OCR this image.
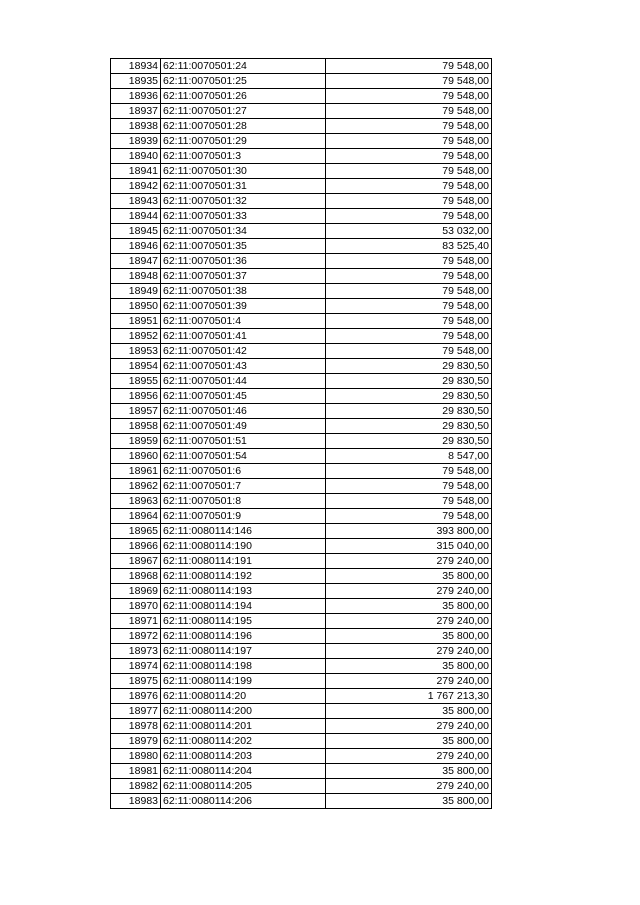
18934	62:11:0070501:24	79 548,00
18935	62:11:0070501:25	79 548,00
18936	62:11:0070501:26	79 548,00
18937	62:11:0070501:27	79 548,00
18938	62:11:0070501:28	79 548,00
18939	62:11:0070501:29	79 548,00
18940	62:11:0070501:3	79 548,00
18941	62:11:0070501:30	79 548,00
18942	62:11:0070501:31	79 548,00
18943	62:11:0070501:32	79 548,00
18944	62:11:0070501:33	79 548,00
18945	62:11:0070501:34	53 032,00
18946	62:11:0070501:35	83 525,40
18947	62:11:0070501:36	79 548,00
18948	62:11:0070501:37	79 548,00
18949	62:11:0070501:38	79 548,00
18950	62:11:0070501:39	79 548,00
18951	62:11:0070501:4	79 548,00
18952	62:11:0070501:41	79 548,00
18953	62:11:0070501:42	79 548,00
18954	62:11:0070501:43	29 830,50
18955	62:11:0070501:44	29 830,50
18956	62:11:0070501:45	29 830,50
18957	62:11:0070501:46	29 830,50
18958	62:11:0070501:49	29 830,50
18959	62:11:0070501:51	29 830,50
18960	62:11:0070501:54	8 547,00
18961	62:11:0070501:6	79 548,00
18962	62:11:0070501:7	79 548,00
18963	62:11:0070501:8	79 548,00
18964	62:11:0070501:9	79 548,00
18965	62:11:0080114:146	393 800,00
18966	62:11:0080114:190	315 040,00
18967	62:11:0080114:191	279 240,00
18968	62:11:0080114:192	35 800,00
18969	62:11:0080114:193	279 240,00
18970	62:11:0080114:194	35 800,00
18971	62:11:0080114:195	279 240,00
18972	62:11:0080114:196	35 800,00
18973	62:11:0080114:197	279 240,00
18974	62:11:0080114:198	35 800,00
18975	62:11:0080114:199	279 240,00
18976	62:11:0080114:20	1 767 213,30
18977	62:11:0080114:200	35 800,00
18978	62:11:0080114:201	279 240,00
18979	62:11:0080114:202	35 800,00
18980	62:11:0080114:203	279 240,00
18981	62:11:0080114:204	35 800,00
18982	62:11:0080114:205	279 240,00
18983	62:11:0080114:206	35 800,00
